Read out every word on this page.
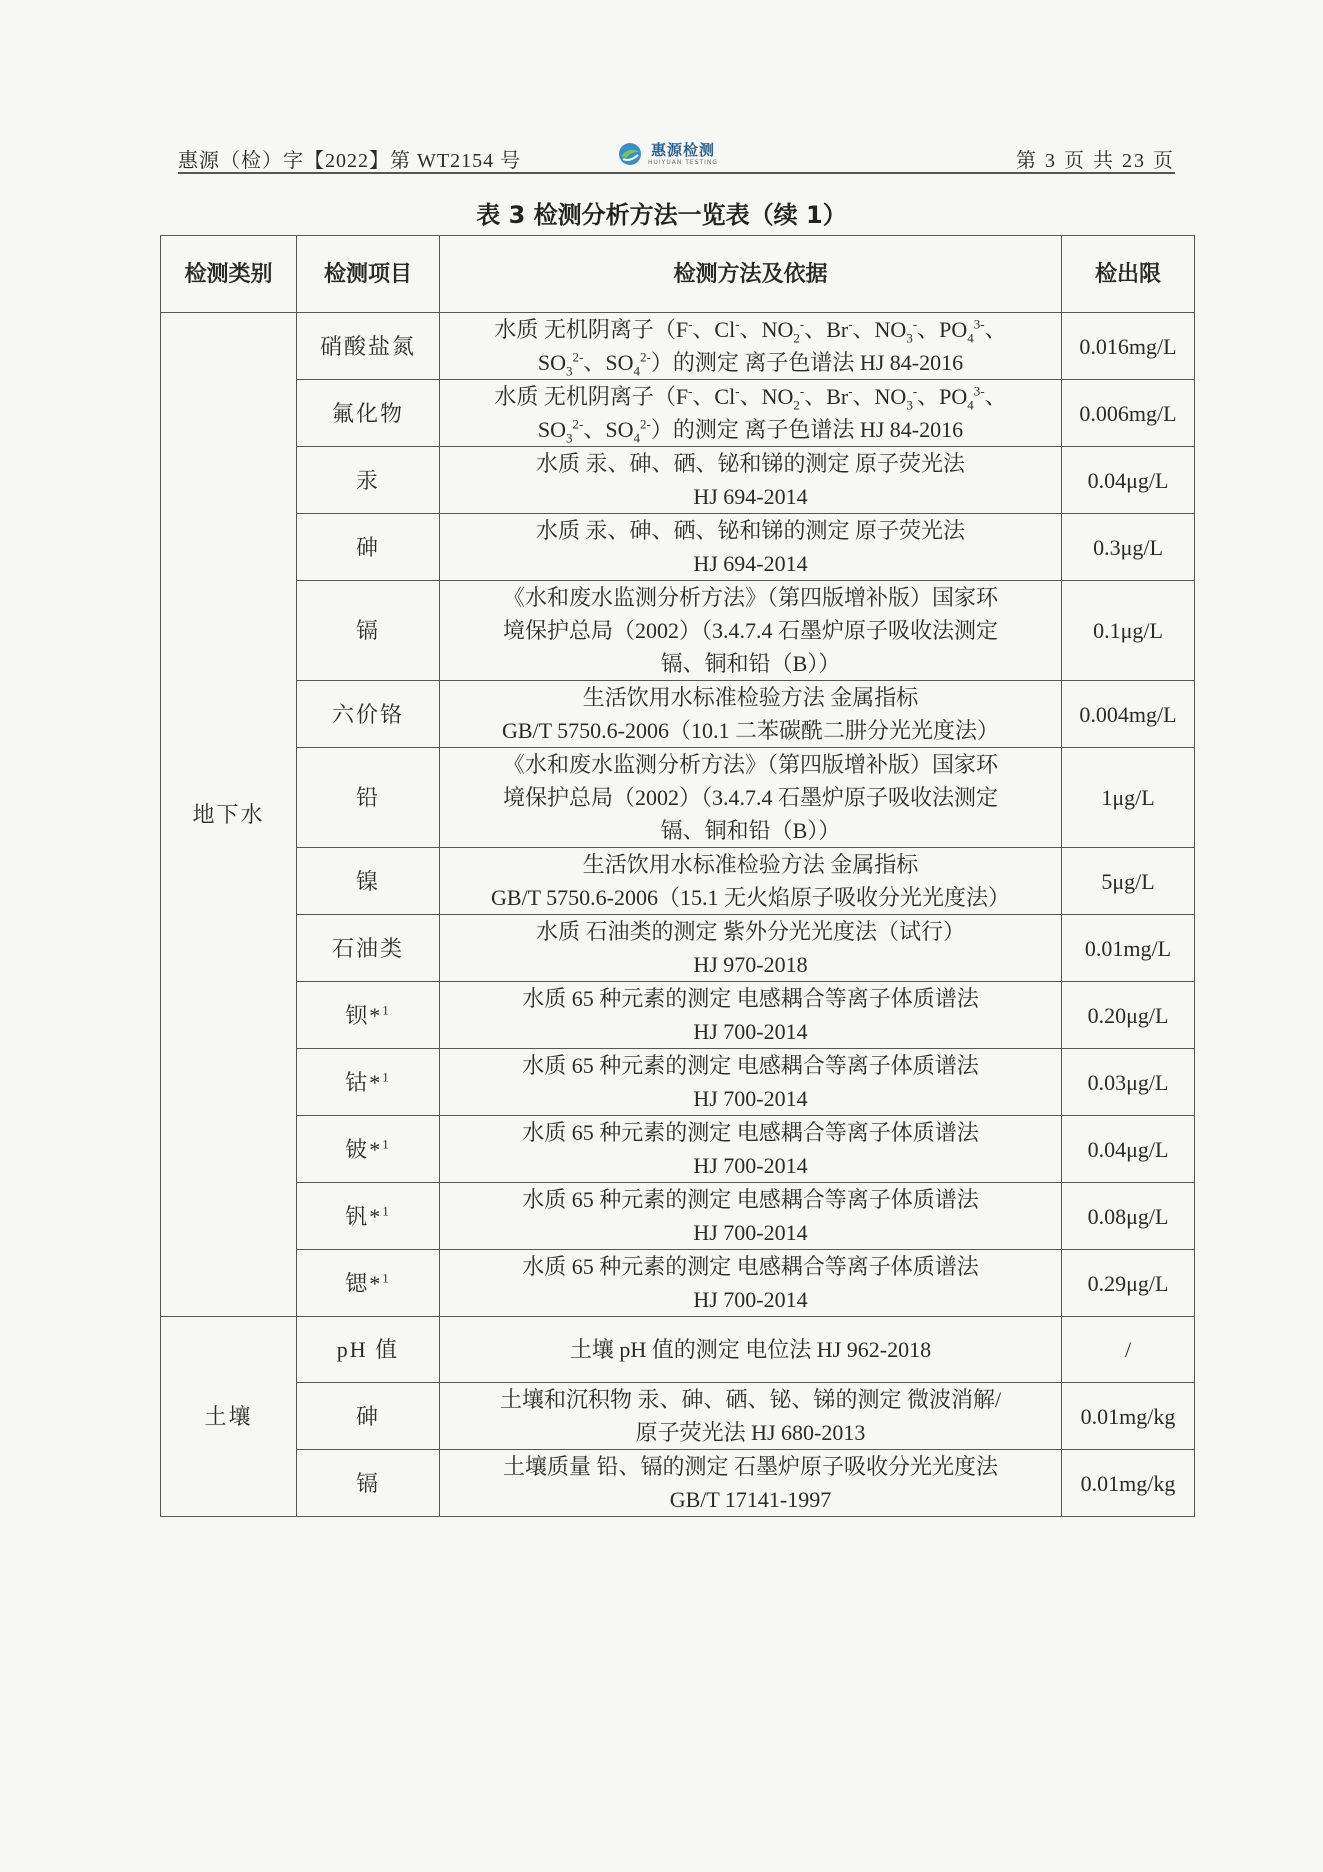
惠源（检）字【2022】第 WT2154 号
惠源检测
HUIYUAN TESTING	第 3 页 共 23 页
表 3 检测分析方法一览表（续 1）
检测类别	检测项目	检测方法及依据	检出限
地下水	硝酸盐氮	水质 无机阴离子（F-、Cl-、$NO_2^-$、Br-、$NO_3^-$、$PO_4^{3-}$、
$SO_3^{2-}$、$SO_4^{2-}$）的测定 离子色谱法 HJ 84-2016	0.016mg/L
	氟化物	水质 无机阴离子（F-、Cl-、$NO_2^-$、Br-、$NO_3^-$、$PO_4^{3-}$、
$SO_3^{2-}$、$SO_4^{2-}$）的测定 离子色谱法 HJ 84-2016	0.006mg/L
	汞	水质 汞、砷、硒、铋和锑的测定 原子荧光法
HJ 694-2014	0.04μg/L
	砷	水质 汞、砷、硒、铋和锑的测定 原子荧光法
HJ 694-2014	0.3μg/L
	镉	《水和废水监测分析方法》（第四版增补版）国家环
境保护总局（2002）（3.4.7.4 石墨炉原子吸收法测定
镉、铜和铅（B））	0.1μg/L
	六价铬	生活饮用水标准检验方法 金属指标
GB/T 5750.6-2006（10.1 二苯碳酰二肼分光光度法）	0.004mg/L
	铅	《水和废水监测分析方法》（第四版增补版）国家环
境保护总局（2002）（3.4.7.4 石墨炉原子吸收法测定
镉、铜和铅（B））	1μg/L
	镍	生活饮用水标准检验方法 金属指标
GB/T 5750.6-2006（15.1 无火焰原子吸收分光光度法）	5μg/L
	石油类	水质 石油类的测定 紫外分光光度法（试行）
HJ 970-2018	0.01mg/L
	钡*$^1$	水质 65 种元素的测定 电感耦合等离子体质谱法
HJ 700-2014	0.20μg/L
	钴*$^1$	水质 65 种元素的测定 电感耦合等离子体质谱法
HJ 700-2014	0.03μg/L
	铍*$^1$	水质 65 种元素的测定 电感耦合等离子体质谱法
HJ 700-2014	0.04μg/L
	钒*$^1$	水质 65 种元素的测定 电感耦合等离子体质谱法
HJ 700-2014	0.08μg/L
	锶*$^1$	水质 65 种元素的测定 电感耦合等离子体质谱法
HJ 700-2014	0.29μg/L
土壤	pH 值	土壤 pH 值的测定 电位法 HJ 962-2018	/
	砷	土壤和沉积物 汞、砷、硒、铋、锑的测定 微波消解/
原子荧光法 HJ 680-2013	0.01mg/kg
	镉	土壤质量 铅、镉的测定 石墨炉原子吸收分光光度法
GB/T 17141-1997	0.01mg/kg
